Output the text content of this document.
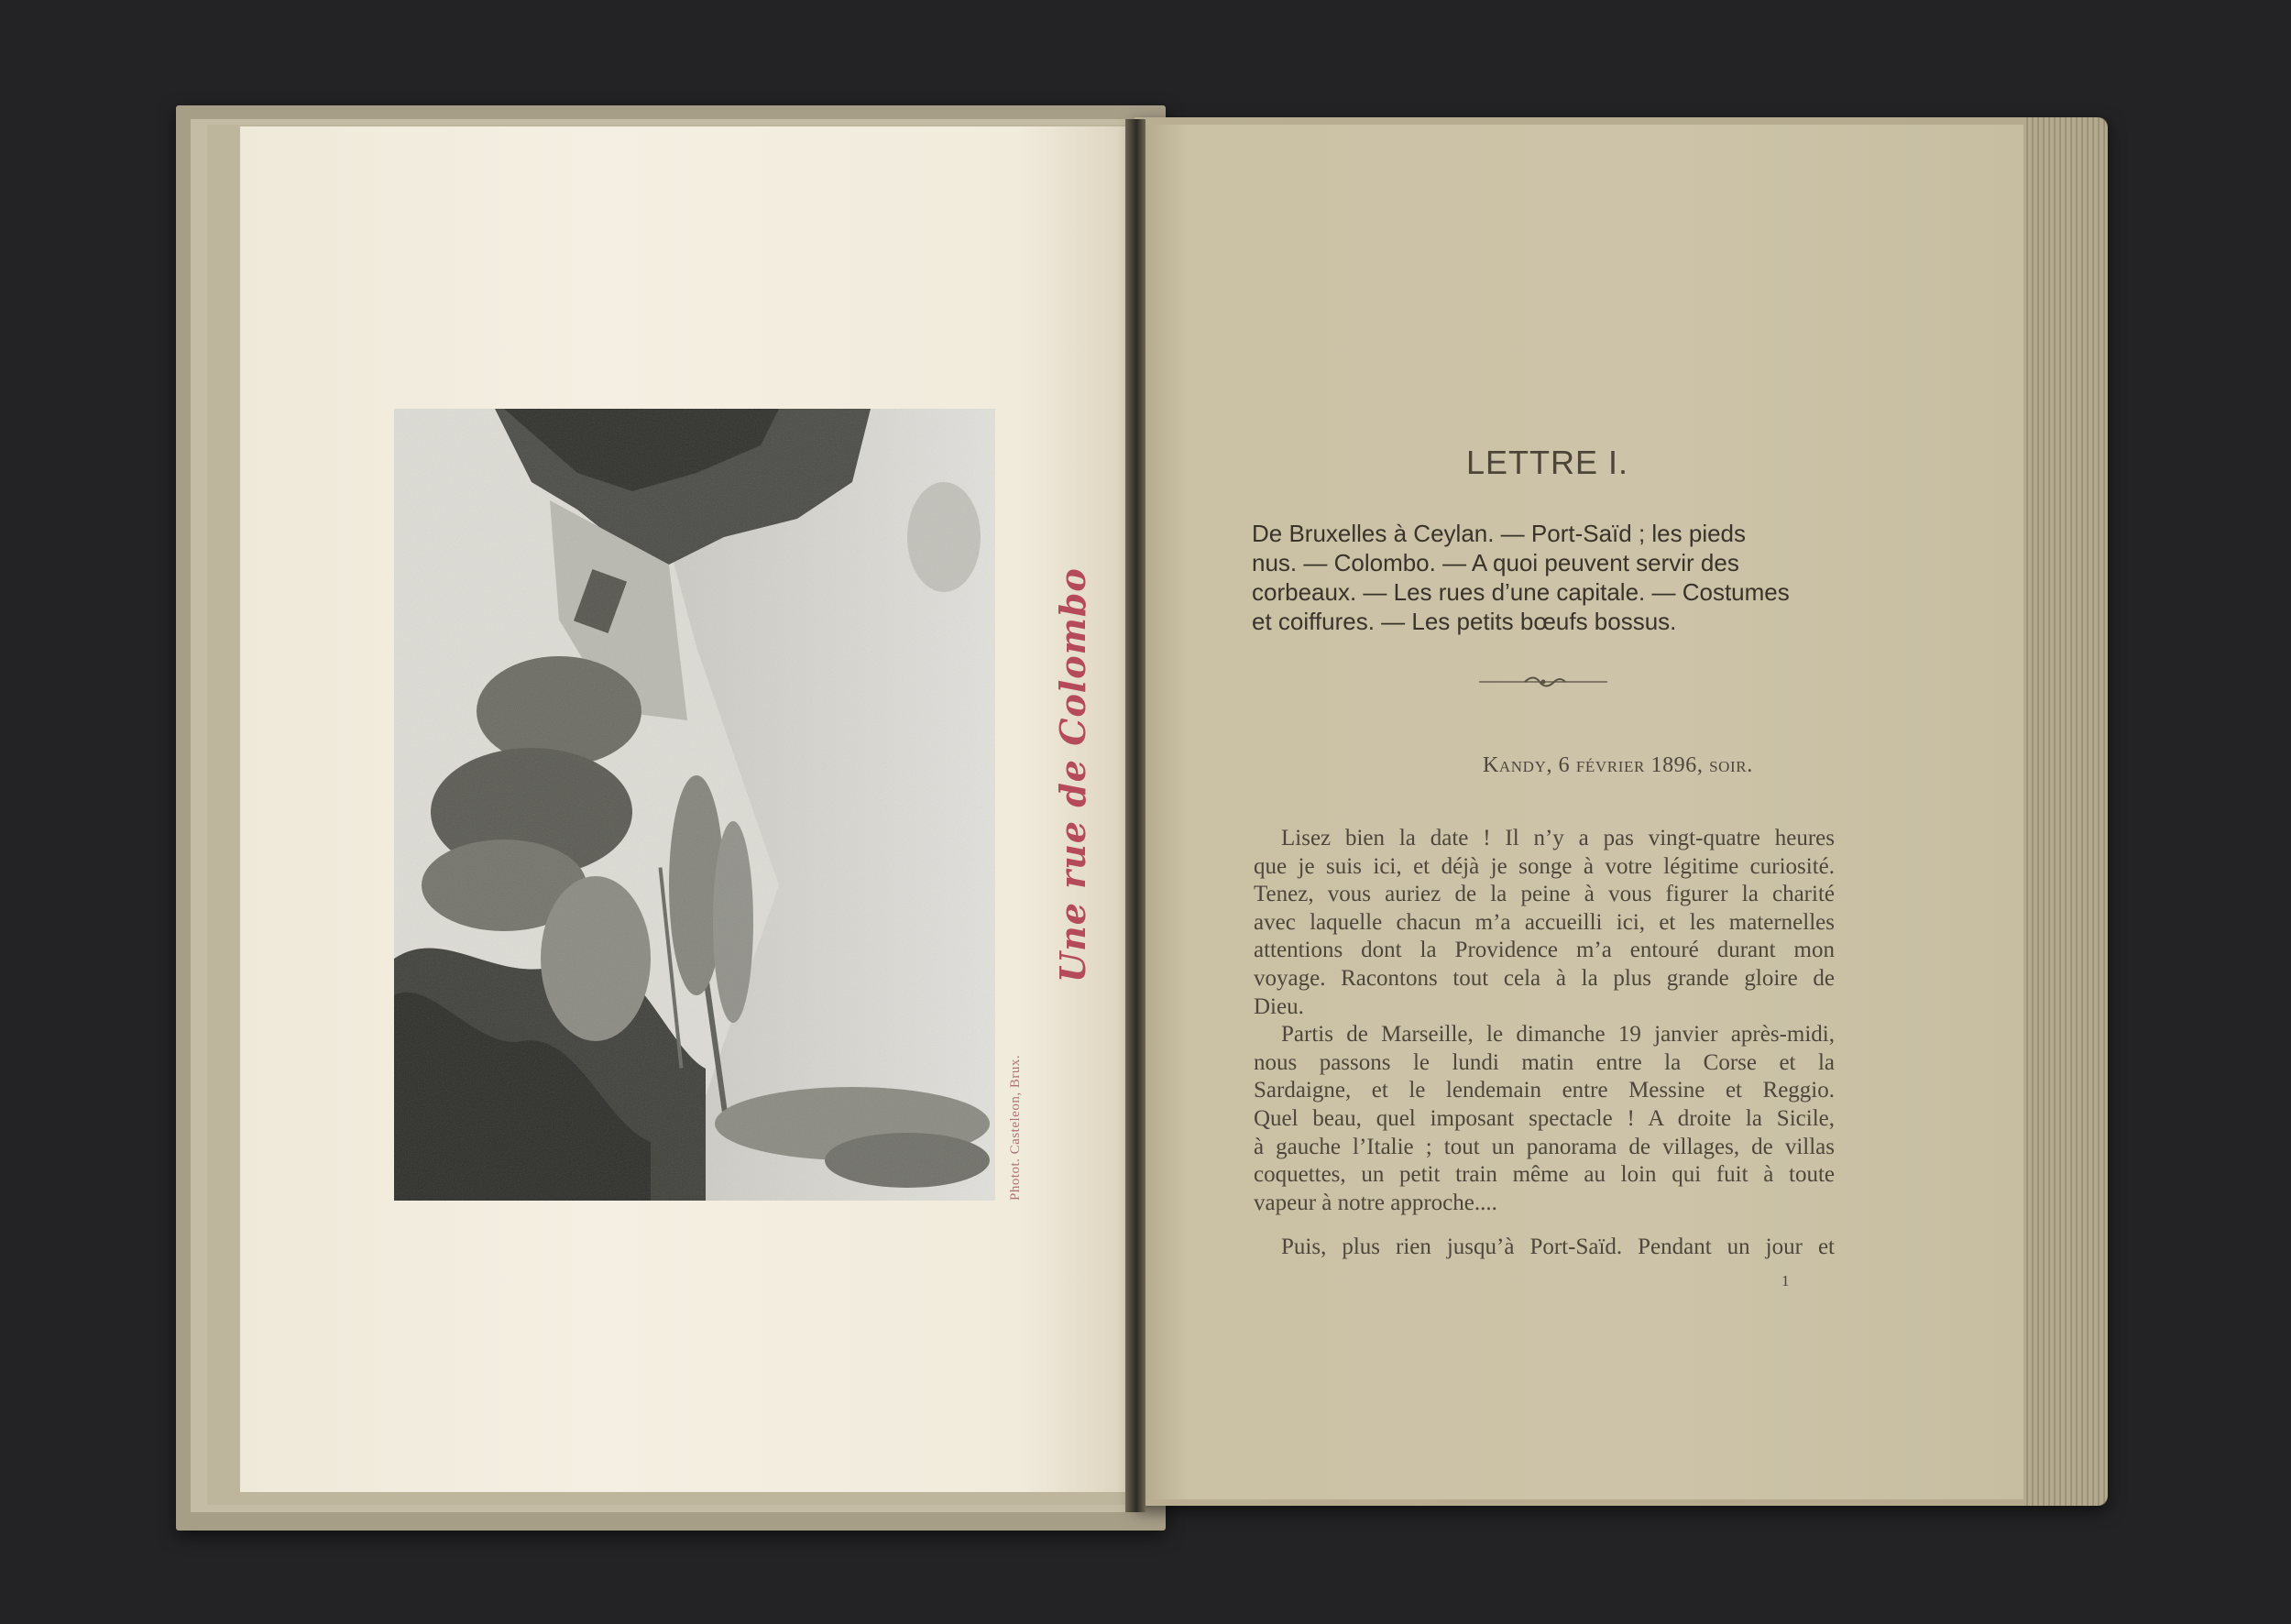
Photot. Casteleon, Brux.
Une rue de Colombo
LETTRE I.
De Bruxelles à Ceylan. — Port-Saïd ; les pieds
nus. — Colombo. — A quoi peuvent servir des
corbeaux. — Les rues d’une capitale. — Costumes
et coiffures. — Les petits bœufs bossus.
Kandy, 6 février 1896, soir.
Lisez bien la date ! Il n’y a pas vingt-quatre heures
que je suis ici, et déjà je songe à votre légitime curiosité.
Tenez, vous auriez de la peine à vous figurer la charité
avec laquelle chacun m’a accueilli ici, et les maternelles
attentions dont la Providence m’a entouré durant mon
voyage. Racontons tout cela à la plus grande gloire de
Dieu.
Partis de Marseille, le dimanche 19 janvier après-midi,
nous passons le lundi matin entre la Corse et la
Sardaigne, et le lendemain entre Messine et Reggio.
Quel beau, quel imposant spectacle ! A droite la Sicile,
à gauche l’Italie ; tout un panorama de villages, de villas
coquettes, un petit train même au loin qui fuit à toute
vapeur à notre approche....
Puis, plus rien jusqu’à Port-Saïd. Pendant un jour et
1
